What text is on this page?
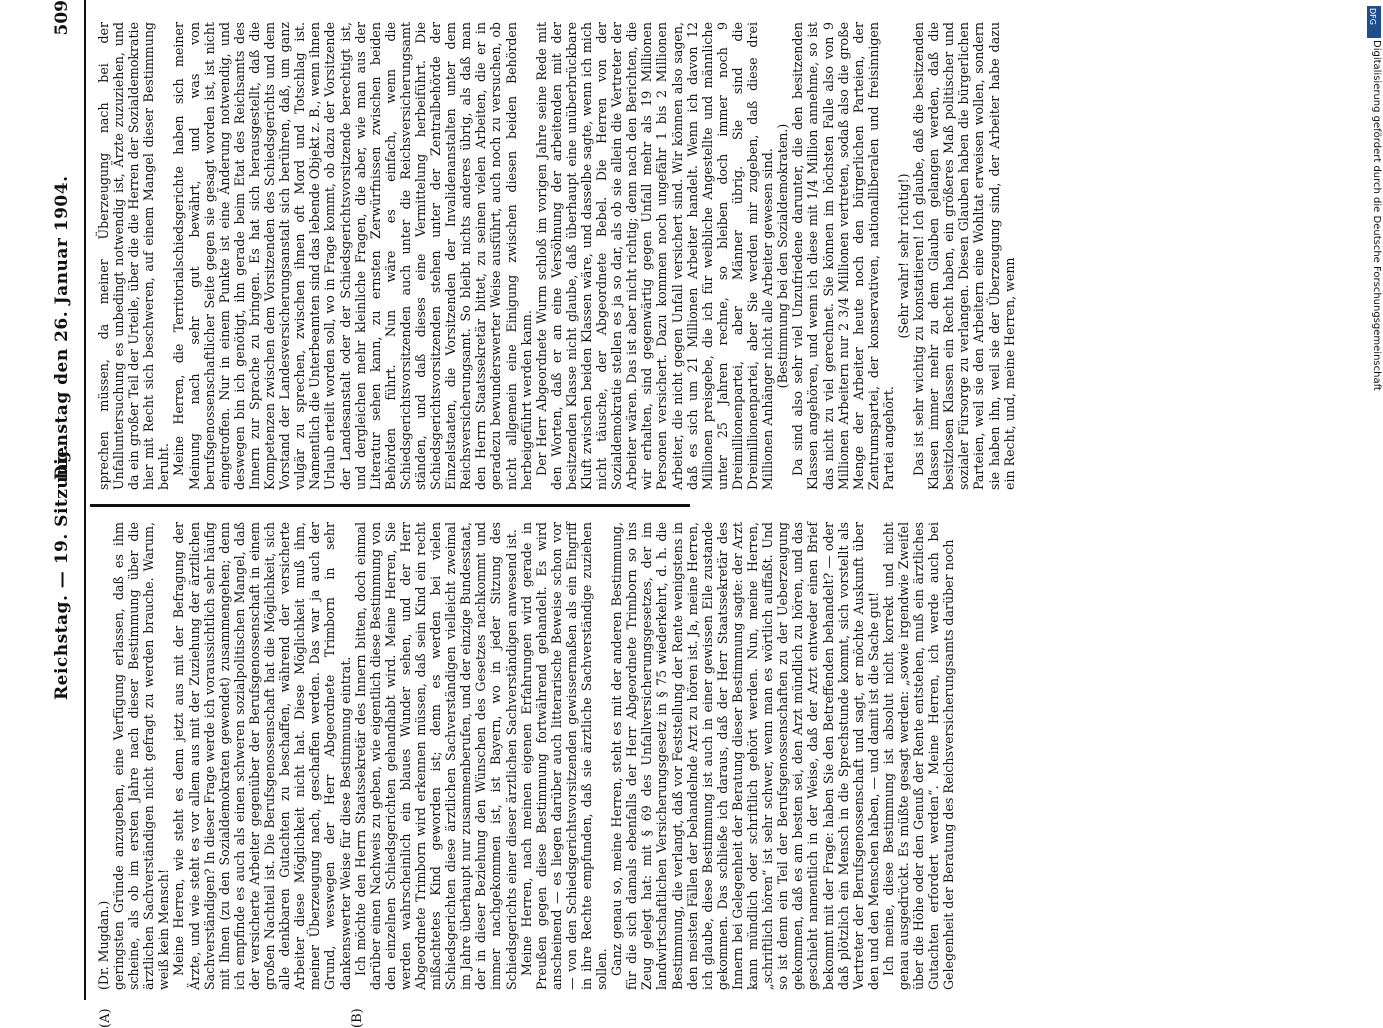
Reichstag. — 19. Sitzung.
Dienstag den 26. Januar 1904.
509
(A)	(B)

(Dr. Mugdan.) geringsten Gründe anzugeben, eine Verfügung erlassen, daß es ihm scheine, als ob im ersten Jahre nach dieser Bestimmung über die ärztlichen Sachverständigen nicht gefragt zu werden brauche. Warum, weiß kein Mensch! Meine Herren, wie steht es denn jetzt aus mit der Befragung der Ärzte, und wie steht es vor allem aus mit der Zuziehung der ärztlichen Sachverständigen? In dieser Frage werde ich voraussichtlich sehr häufig mit Ihnen (zu den Sozialdemokraten gewendet) zusammengehen; denn ich empfinde es auch als einen schweren sozialpolitischen Mangel, daß der versicherte Arbeiter gegenüber der Berufsgenossenschaft in einem großen Nachteil ist. Die Berufsgenossenschaft hat die Möglichkeit, sich alle denkbaren Gutachten zu beschaffen, während der versicherte Arbeiter diese Möglichkeit nicht hat. Diese Möglichkeit muß ihm, meiner Überzeugung nach, geschaffen werden. Das war ja auch der Grund, weswegen der Herr Abgeordnete Trimborn in sehr dankenswerter Weise für diese Bestimmung eintrat. Ich möchte den Herrn Staatssekretär des Innern bitten, doch einmal darüber einen Nachweis zu geben, wie eigentlich diese Bestimmung von den einzelnen Schiedsgerichten gehandhabt wird. Meine Herren, Sie werden wahrscheinlich ein blaues Wunder sehen, und der Herr Abgeordnete Trimborn wird erkennen müssen, daß sein Kind ein recht mißachtetes Kind geworden ist; denn es werden bei vielen Schiedsgerichten diese ärztlichen Sachverständigen vielleicht zweimal im Jahre überhaupt nur zusammenberufen, und der einzige Bundesstaat, der in dieser Beziehung den Wünschen des Gesetzes nachkommt und immer nachgekommen ist, ist Bayern, wo in jeder Sitzung des Schiedsgerichts einer dieser ärztlichen Sachverständigen anwesend ist. Meine Herren, nach meinen eigenen Erfahrungen wird gerade in Preußen gegen diese Bestimmung fortwährend gehandelt. Es wird anscheinend — es liegen darüber auch litterarische Beweise schon vor — von den Schiedsgerichtsvorsitzenden gewissermaßen als ein Eingriff in ihre Rechte empfunden, daß sie ärztliche Sachverständige zuziehen sollen. Ganz genau so, meine Herren, steht es mit der anderen Bestimmung, für die sich damals ebenfalls der Herr Abgeordnete Trimborn so ins Zeug gelegt hat: mit § 69 des Unfallversicherungsgesetzes, der im landwirtschaftlichen Versicherungsgesetz in § 75 wiederkehrt, d. h. die Bestimmung, die verlangt, daß vor Feststellung der Rente wenigstens in den meisten Fällen der behandelnde Arzt zu hören ist. Ja, meine Herren, ich glaube, diese Bestimmung ist auch in einer gewissen Eile zustande gekommen. Das schließe ich daraus, daß der Herr Staatssekretär des Innern bei Gelegenheit der Beratung dieser Bestimmung sagte: der Arzt kann mündlich oder schriftlich gehört werden. Nun, meine Herren, „schriftlich hören“ ist sehr schwer, wenn man es wörtlich auffaßt. Und so ist denn ein Teil der Berufsgenossenschaften zu der Ueberzeugung gekommen, daß es am besten sei, den Arzt mündlich zu hören, und das geschieht namentlich in der Weise, daß der Arzt entweder einen Brief bekommt mit der Frage: haben Sie den Betreffenden behandelt? — oder daß plötzlich ein Mensch in die Sprechstunde kommt, sich vorstellt als Vertreter der Berufsgenossenschaft und sagt, er möchte Auskunft über den und den Menschen haben, — und damit ist die Sache gut! Ich meine, diese Bestimmung ist absolut nicht korrekt und nicht genau ausgedrückt. Es müßte gesagt werden: „sowie irgendwie Zweifel über die Höhe oder den Genuß der Rente entstehen, muß ein ärztliches Gutachten erfordert werden“. Meine Herren, ich werde auch bei Gelegenheit der Beratung des Reichsversicherungsamts darüber noch

sprechen müssen, da meiner Überzeugung nach bei der Unfalluntersuchung es unbedingt notwendig ist, Ärzte zuzuziehen, und da ein großer Teil der Urteile, über die die Herren der Sozialdemokratie hier mit Recht sich beschweren, auf einem Mangel dieser Bestimmung beruht. Meine Herren, die Territorialschiedsgerichte haben sich meiner Meinung nach sehr gut bewährt, und was von berufsgenossenschaftlicher Seite gegen sie gesagt worden ist, ist nicht eingetroffen. Nur in einem Punkte ist eine Änderung notwendig, und deswegen bin ich genötigt, ihn gerade beim Etat des Reichsamts des Innern zur Sprache zu bringen. Es hat sich herausgestellt, daß die Kompetenzen zwischen dem Vorsitzenden des Schiedsgerichts und dem Vorstand der Landesversicherungsanstalt sich berühren, daß, um ganz vulgär zu sprechen, zwischen ihnen oft Mord und Totschlag ist. Namentlich die Unterbeamten sind das lebende Objekt z. B., wenn ihnen Urlaub erteilt worden soll, wo in Frage kommt, ob dazu der Vorsitzende der Landesanstalt oder der Schiedsgerichtsvorsitzende berechtigt ist, und dergleichen mehr kleinliche Fragen, die aber, wie man aus der Literatur sehen kann, zu ernsten Zerwürfnissen zwischen beiden Behörden führt. Nun wäre es einfach, wenn die Schiedsgerichtsvorsitzenden auch unter die Reichsversicherungsamt ständen, und daß dieses eine Vermittelung herbeiführt. Die Schiedsgerichtsvorsitzenden stehen unter der Zentralbehörde der Einzelstaaten, die Vorsitzenden der Invalidenanstalten unter dem Reichsversicherungsamt. So bleibt nichts anderes übrig, als daß man den Herrn Staatssekretär bittet, zu seinen vielen Arbeiten, die er in geradezu bewunderswerter Weise ausführt, auch noch zu versuchen, ob nicht allgemein eine Einigung zwischen diesen beiden Behörden herbeigeführt werden kann. Der Herr Abgeordnete Wurm schloß im vorigen Jahre seine Rede mit den Worten, daß er an eine Versöhnung der arbeitenden mit der besitzenden Klasse nicht glaube, daß überhaupt eine unüberbrückbare Kluft zwischen beiden Klassen wäre, und dasselbe sagte, wenn ich mich nicht täusche, der Abgeordnete Bebel. Die Herren von der Sozialdemokratie stellen es ja so dar, als ob sie allein die Vertreter der Arbeiter wären. Das ist aber nicht richtig; denn nach den Berichten, die wir erhalten, sind gegenwärtig gegen Unfall mehr als 19 Millionen Personen versichert. Dazu kommen noch ungefähr 1 bis 2 Millionen Arbeiter, die nicht gegen Unfall versichert sind. Wir können also sagen, daß es sich um 21 Millionen Arbeiter handelt. Wenn ich davon 12 Millionen preisgebe, die ich für weibliche Angestellte und männliche unter 25 Jahren rechne, so bleiben doch immer noch 9 Dreimillionenpartei, aber Männer übrig. Sie sind die Dreimillionenpartei, aber Sie werden mir zugeben, daß diese drei Millionen Anhänger nicht alle Arbeiter gewesen sind. (Bestimmung bei den Sozialdemokraten.) Da sind also sehr viel Unzufriedene darunter, die den besitzenden Klassen angehören, und wenn ich diese mit 1/4 Million annehme, so ist das nicht zu viel gerechnet. Sie können im höchsten Falle also von 9 Millionen Arbeitern nur 2 3/4 Millionen vertreten, sodaß also die große Menge der Arbeiter heute noch den bürgerlichen Parteien, der Zentrumspartei, der konservativen, nationalliberalen und freisinnigen Partei angehört.

(Sehr wahr! sehr richtig!) Das ist sehr wichtig zu konstatieren! Ich glaube, daß die besitzenden Klassen immer mehr zu dem Glauben gelangen werden, daß die besitzlosen Klassen ein Recht haben, ein größeres Maß politischer und sozialer Fürsorge zu verlangen. Diesen Glauben haben die bürgerlichen Parteien, weil sie den Arbeitern eine Wohltat erweisen wollen, sondern sie haben ihn, weil sie der Überzeugung sind, der Arbeiter habe dazu ein Recht, und, meine Herren, wenn

DFG
Digitalisierung gefördert durch die Deutsche Forschungsgemeinschaft
